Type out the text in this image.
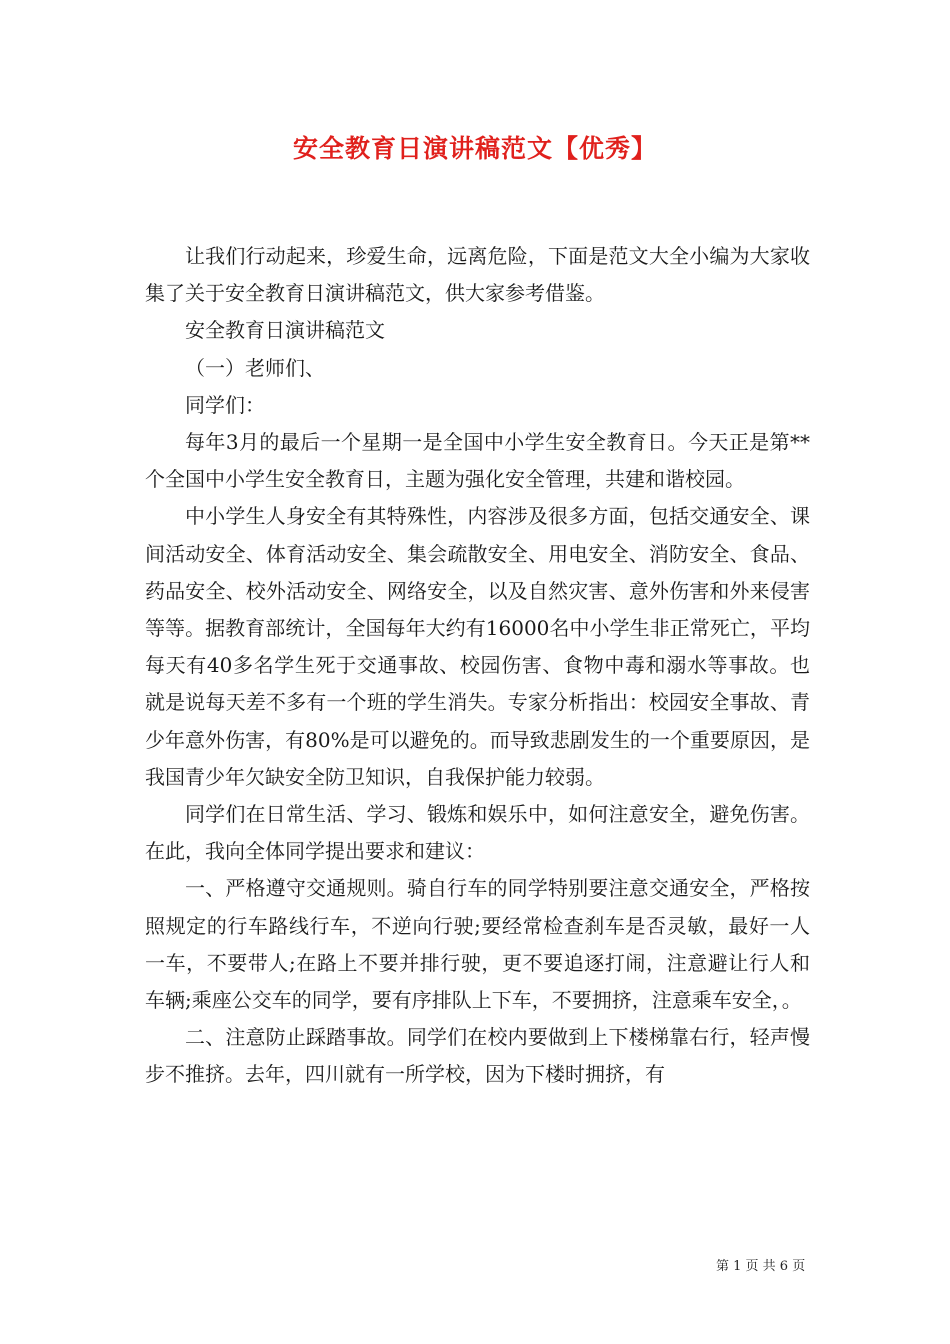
安全教育日演讲稿范文【优秀】

让我们行动起来，珍爱生命，远离危险，下面是范文大全小编为大家收集了关于安全教育日演讲稿范文，供大家参考借鉴。

安全教育日演讲稿范文

（一）老师们、

同学们：

每年3月的最后一个星期一是全国中小学生安全教育日。今天正是第**个全国中小学生安全教育日，主题为强化安全管理，共建和谐校园。

中小学生人身安全有其特殊性，内容涉及很多方面，包括交通安全、课间活动安全、体育活动安全、集会疏散安全、用电安全、消防安全、食品、药品安全、校外活动安全、网络安全，以及自然灾害、意外伤害和外来侵害等等。据教育部统计，全国每年大约有16000名中小学生非正常死亡，平均每天有40多名学生死于交通事故、校园伤害、食物中毒和溺水等事故。也就是说每天差不多有一个班的学生消失。专家分析指出：校园安全事故、青少年意外伤害，有80%是可以避免的。而导致悲剧发生的一个重要原因，是我国青少年欠缺安全防卫知识，自我保护能力较弱。

同学们在日常生活、学习、锻炼和娱乐中，如何注意安全，避免伤害。在此，我向全体同学提出要求和建议：

一、严格遵守交通规则。骑自行车的同学特别要注意交通安全，严格按照规定的行车路线行车，不逆向行驶;要经常检查刹车是否灵敏，最好一人一车，不要带人;在路上不要并排行驶，更不要追逐打闹，注意避让行人和车辆;乘座公交车的同学，要有序排队上下车，不要拥挤，注意乘车安全，。

二、注意防止踩踏事故。同学们在校内要做到上下楼梯靠右行，轻声慢步不推挤。去年，四川就有一所学校，因为下楼时拥挤，有

第 1 页 共 6 页
